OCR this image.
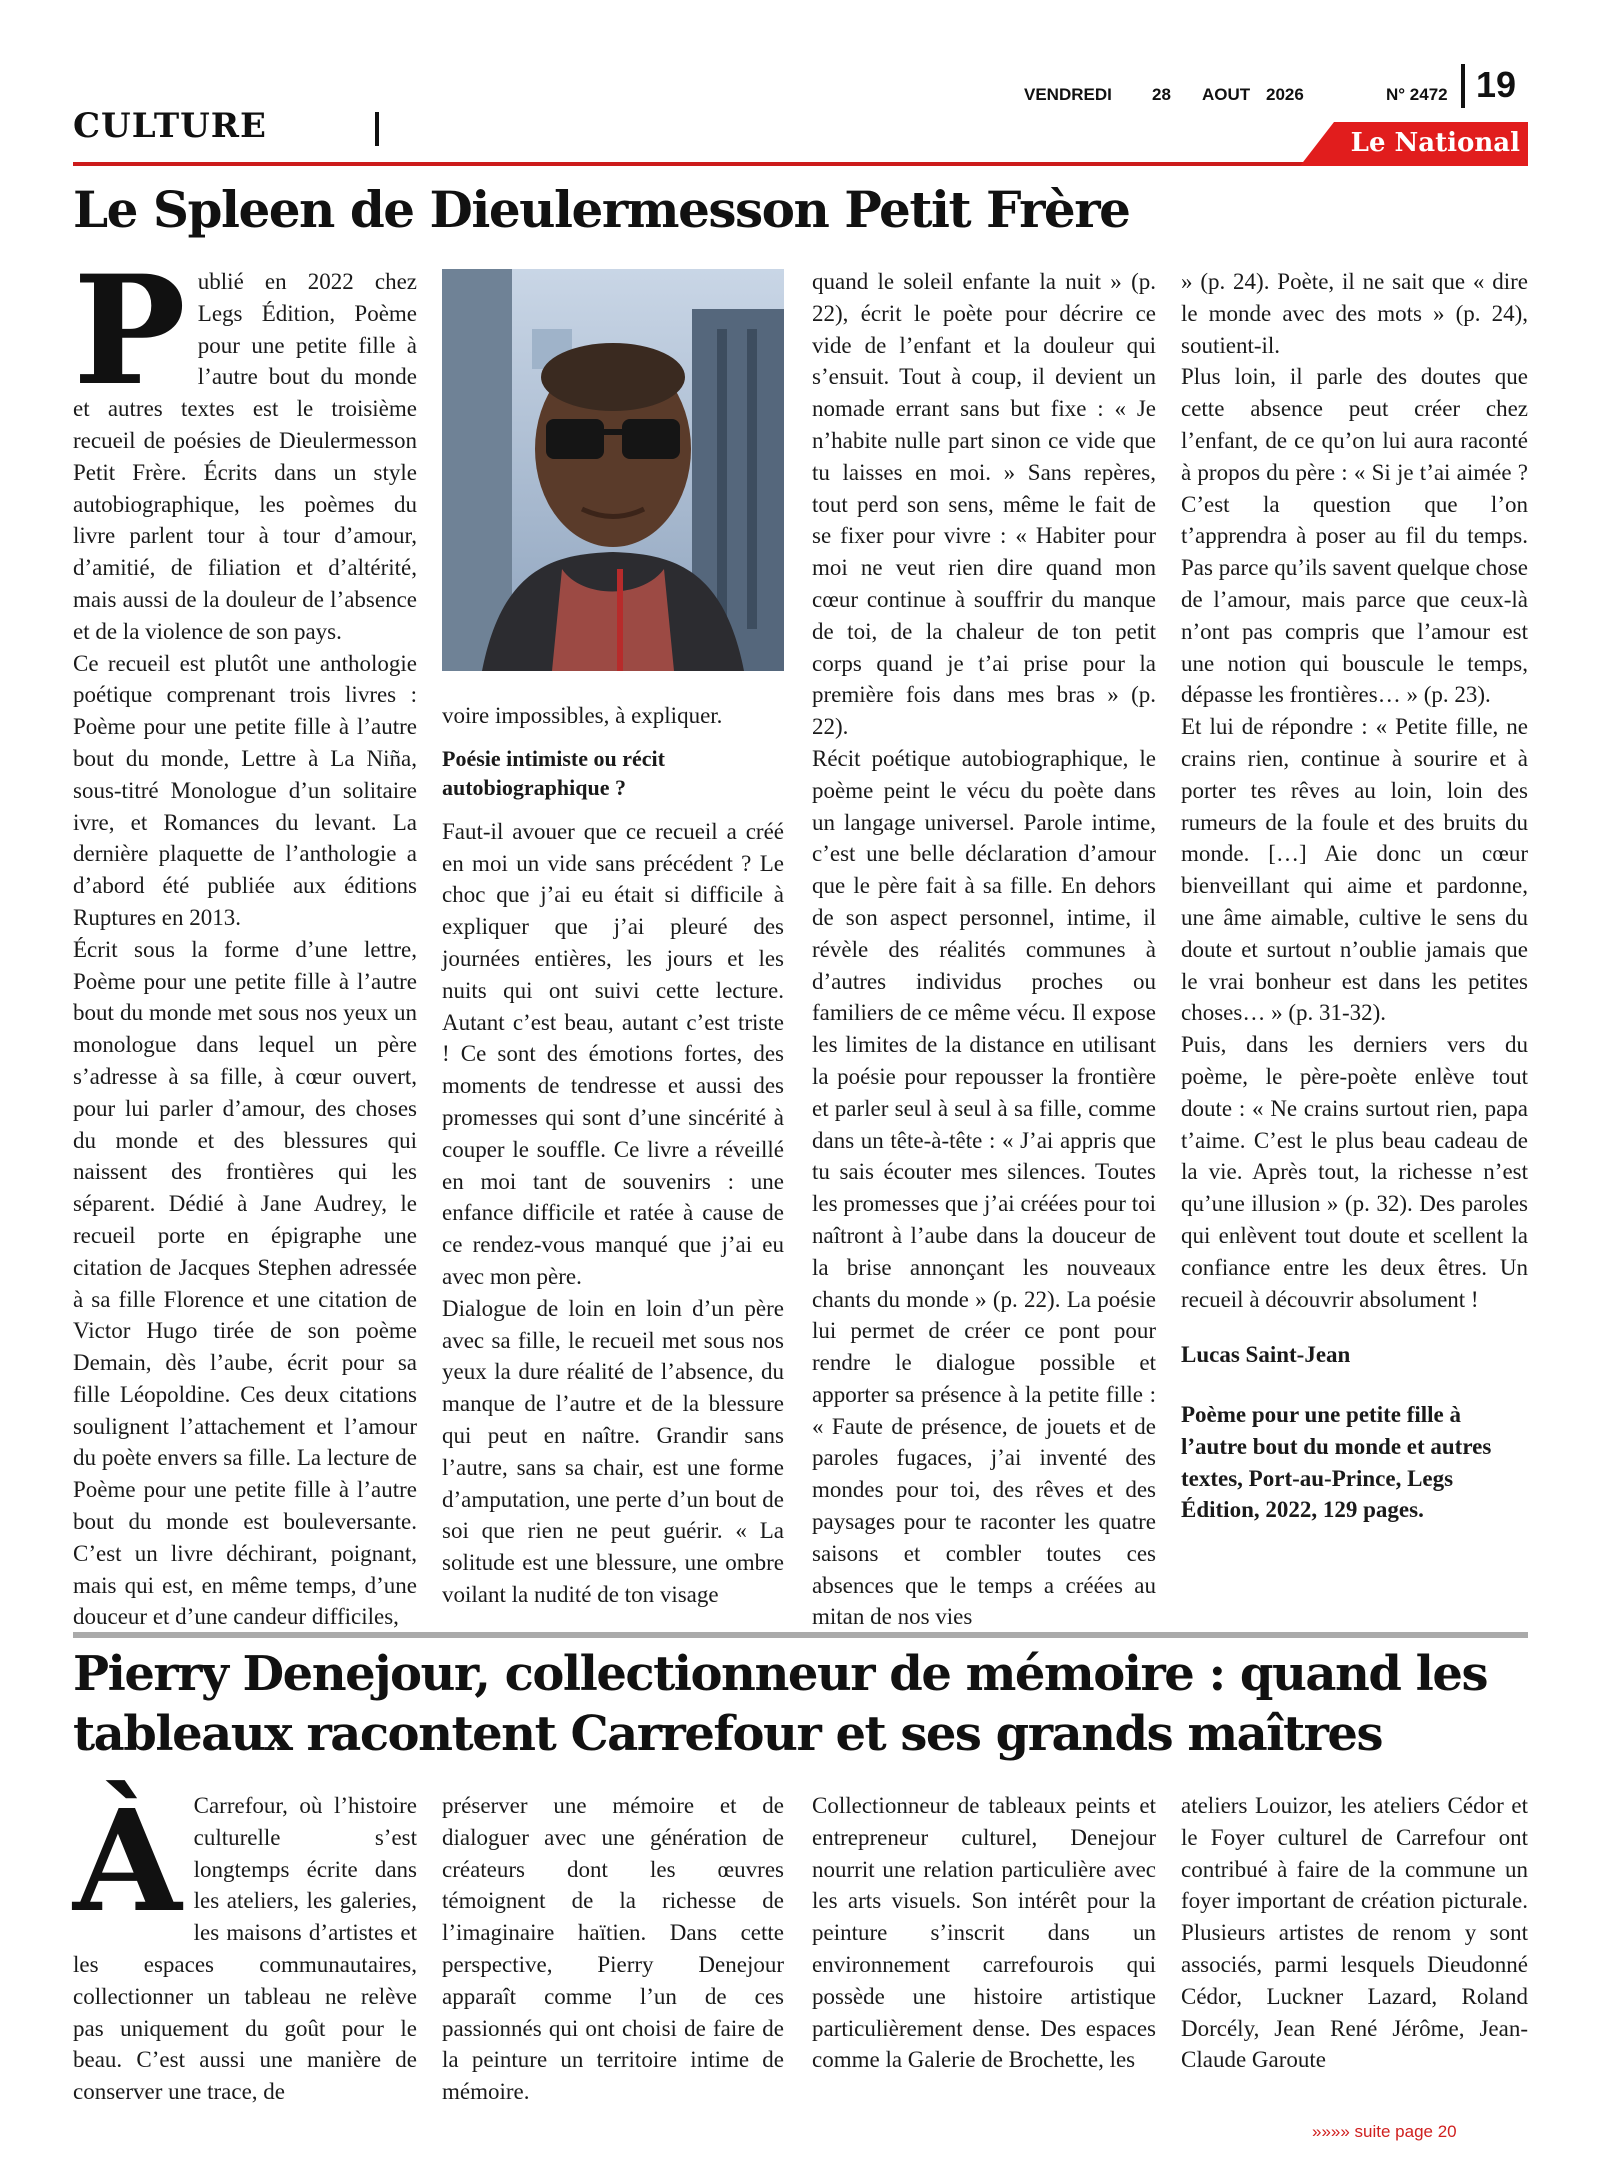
CULTURE
VENDREDI 28 AOUT 2026	N° 2472 19
Le National
Le Spleen de Dieulermesson Petit Frère
P ublié en 2022 chez Legs Édition, Poème pour une petite fille à l’autre bout du monde et autres textes est le troisième recueil de poésies de Dieulermesson Petit Frère. Écrits dans un style autobiographique, les poèmes du livre parlent tour à tour d’amour, d’amitié, de filiation et d’altérité, mais aussi de la douleur de l’absence et de la violence de son pays.

Ce recueil est plutôt une anthologie poétique comprenant trois livres : Poème pour une petite fille à l’autre bout du monde, Lettre à La Niña, sous-titré Monologue d’un solitaire ivre, et Romances du levant. La dernière plaquette de l’anthologie a d’abord été publiée aux éditions Ruptures en 2013.

Écrit sous la forme d’une lettre, Poème pour une petite fille à l’autre bout du monde met sous nos yeux un monologue dans lequel un père s’adresse à sa fille, à cœur ouvert, pour lui parler d’amour, des choses du monde et des blessures qui naissent des frontières qui les séparent. Dédié à Jane Audrey, le recueil porte en épigraphe une citation de Jacques Stephen adressée à sa fille Florence et une citation de Victor Hugo tirée de son poème Demain, dès l’aube, écrit pour sa fille Léopoldine. Ces deux citations soulignent l’attachement et l’amour du poète envers sa fille. La lecture de Poème pour une petite fille à l’autre bout du monde est bouleversante. C’est un livre déchirant, poignant, mais qui est, en même temps, d’une douceur et d’une candeur difficiles,

voire impossibles, à expliquer.

Poésie intimiste ou récit autobiographique ?

Faut-il avouer que ce recueil a créé en moi un vide sans précédent ? Le choc que j’ai eu était si difficile à expliquer que j’ai pleuré des journées entières, les jours et les nuits qui ont suivi cette lecture. Autant c’est beau, autant c’est triste ! Ce sont des émotions fortes, des moments de tendresse et aussi des promesses qui sont d’une sincérité à couper le souffle. Ce livre a réveillé en moi tant de souvenirs : une enfance difficile et ratée à cause de ce rendez-vous manqué que j’ai eu avec mon père.

Dialogue de loin en loin d’un père avec sa fille, le recueil met sous nos yeux la dure réalité de l’absence, du manque de l’autre et de la blessure qui peut en naître. Grandir sans l’autre, sans sa chair, est une forme d’amputation, une perte d’un bout de soi que rien ne peut guérir. « La solitude est une blessure, une ombre voilant la nudité de ton visage

quand le soleil enfante la nuit » (p. 22), écrit le poète pour décrire ce vide de l’enfant et la douleur qui s’ensuit. Tout à coup, il devient un nomade errant sans but fixe : « Je n’habite nulle part sinon ce vide que tu laisses en moi. » Sans repères, tout perd son sens, même le fait de se fixer pour vivre : « Habiter pour moi ne veut rien dire quand mon cœur continue à souffrir du manque de toi, de la chaleur de ton petit corps quand je t’ai prise pour la première fois dans mes bras » (p. 22).

Récit poétique autobiographique, le poème peint le vécu du poète dans un langage universel. Parole intime, c’est une belle déclaration d’amour que le père fait à sa fille. En dehors de son aspect personnel, intime, il révèle des réalités communes à d’autres individus proches ou familiers de ce même vécu. Il expose les limites de la distance en utilisant la poésie pour repousser la frontière et parler seul à seul à sa fille, comme dans un tête-à-tête : « J’ai appris que tu sais écouter mes silences. Toutes les promesses que j’ai créées pour toi naîtront à l’aube dans la douceur de la brise annonçant les nouveaux chants du monde » (p. 22). La poésie lui permet de créer ce pont pour rendre le dialogue possible et apporter sa présence à la petite fille : « Faute de présence, de jouets et de paroles fugaces, j’ai inventé des mondes pour toi, des rêves et des paysages pour te raconter les quatre saisons et combler toutes ces absences que le temps a créées au mitan de nos vies

» (p. 24). Poète, il ne sait que « dire le monde avec des mots » (p. 24), soutient-il.

Plus loin, il parle des doutes que cette absence peut créer chez l’enfant, de ce qu’on lui aura raconté à propos du père : « Si je t’ai aimée ? C’est la question que l’on t’apprendra à poser au fil du temps. Pas parce qu’ils savent quelque chose de l’amour, mais parce que ceux-là n’ont pas compris que l’amour est une notion qui bouscule le temps, dépasse les frontières… » (p. 23).

Et lui de répondre : « Petite fille, ne crains rien, continue à sourire et à porter tes rêves au loin, loin des rumeurs de la foule et des bruits du monde. […] Aie donc un cœur bienveillant qui aime et pardonne, une âme aimable, cultive le sens du doute et surtout n’oublie jamais que le vrai bonheur est dans les petites choses… » (p. 31-32).

Puis, dans les derniers vers du poème, le père-poète enlève tout doute : « Ne crains surtout rien, papa t’aime. C’est le plus beau cadeau de la vie. Après tout, la richesse n’est qu’une illusion » (p. 32). Des paroles qui enlèvent tout doute et scellent la confiance entre les deux êtres. Un recueil à découvrir absolument !

Lucas Saint-Jean

Poème pour une petite fille à l’autre bout du monde et autres textes, Port-au-Prince, Legs Édition, 2022, 129 pages.

Pierry Denejour, collectionneur de mémoire : quand les tableaux racontent Carrefour et ses grands maîtres
À Carrefour, où l’histoire culturelle s’est longtemps écrite dans les ateliers, les galeries, les maisons d’artistes et les espaces communautaires, collectionner un tableau ne relève pas uniquement du goût pour le beau. C’est aussi une manière de conserver une trace, de

préserver une mémoire et de dialoguer avec une génération de créateurs dont les œuvres témoignent de la richesse de l’imaginaire haïtien. Dans cette perspective, Pierry Denejour apparaît comme l’un de ces passionnés qui ont choisi de faire de la peinture un territoire intime de mémoire.

Collectionneur de tableaux peints et entrepreneur culturel, Denejour nourrit une relation particulière avec les arts visuels. Son intérêt pour la peinture s’inscrit dans un environnement carrefourois qui possède une histoire artistique particulièrement dense. Des espaces comme la Galerie de Brochette, les

ateliers Louizor, les ateliers Cédor et le Foyer culturel de Carrefour ont contribué à faire de la commune un foyer important de création picturale. Plusieurs artistes de renom y sont associés, parmi lesquels Dieudonné Cédor, Luckner Lazard, Roland Dorcély, Jean René Jérôme, Jean-Claude Garoute

»»»» suite page 20
